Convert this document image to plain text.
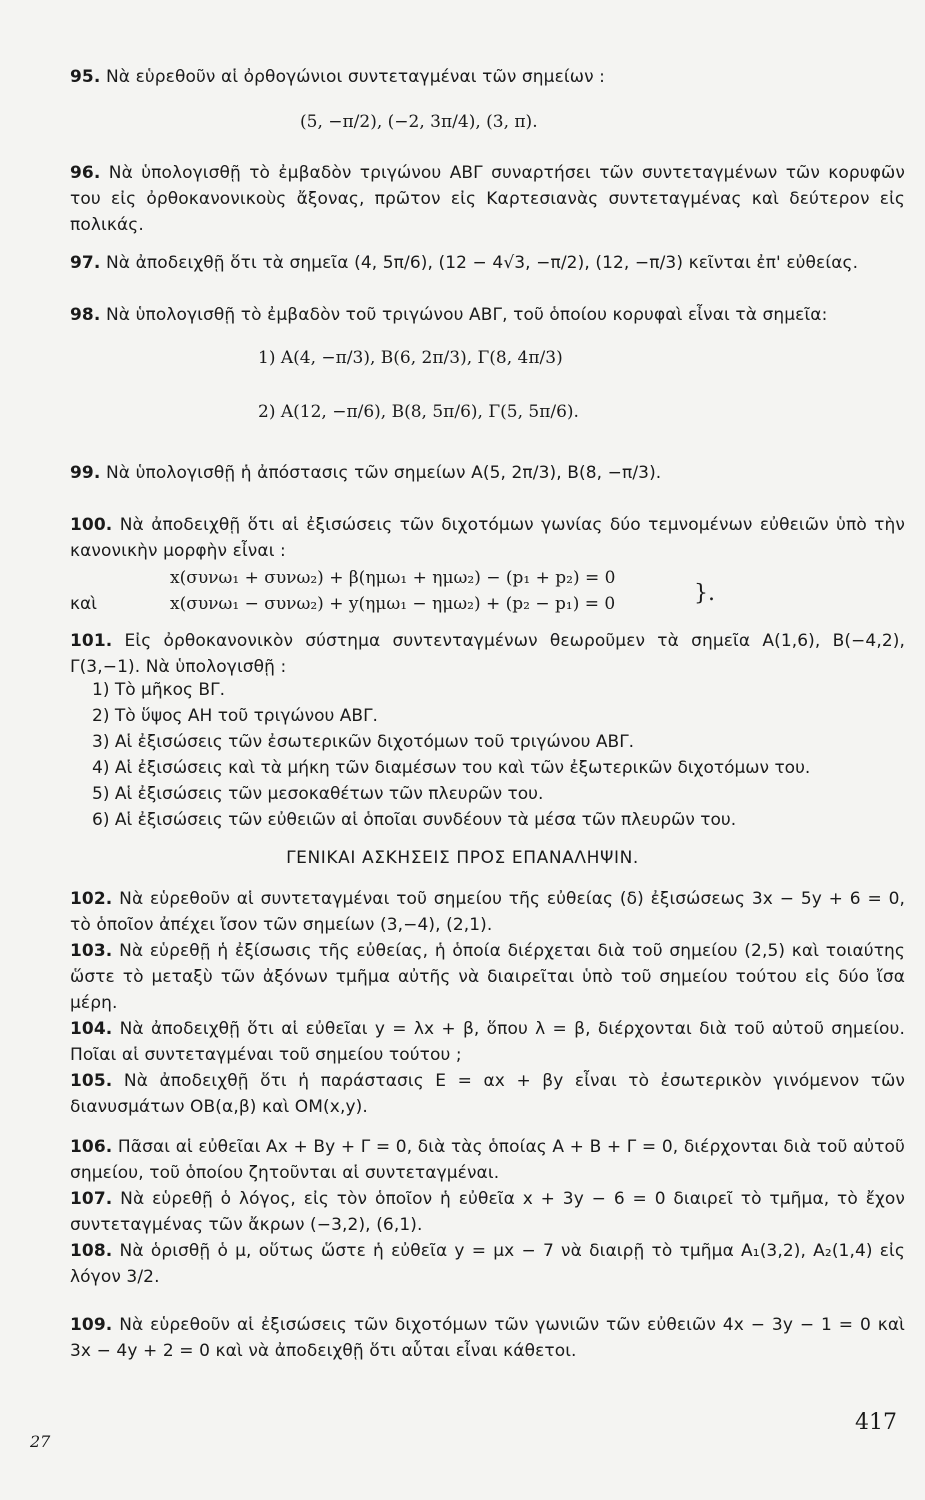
95. Νὰ εὑρεθοῦν αἱ ὀρθογώνιοι συντεταγμέναι τῶν σημείων :
(5, −π/2), (−2, 3π/4), (3, π).
96. Νὰ ὑπολογισθῇ τὸ ἐμβαδὸν τριγώνου ΑΒΓ συναρτήσει τῶν συντεταγμένων τῶν κορυφῶν του εἰς ὀρθοκανονικοὺς ἄξονας, πρῶτον εἰς Καρτεσιανὰς συντεταγμένας καὶ δεύτερον εἰς πολικάς.
97. Νὰ ἀποδειχθῇ ὅτι τὰ σημεῖα (4, 5π/6), (12 − 4√3, −π/2), (12, −π/3) κεῖνται ἐπ' εὐθείας.
98. Νὰ ὑπολογισθῇ τὸ ἐμβαδὸν τοῦ τριγώνου ΑΒΓ, τοῦ ὁποίου κορυφαὶ εἶναι τὰ σημεῖα:
1) Α(4, −π/3), Β(6, 2π/3), Γ(8, 4π/3)
2) Α(12, −π/6), Β(8, 5π/6), Γ(5, 5π/6).
99. Νὰ ὑπολογισθῇ ἡ ἀπόστασις τῶν σημείων Α(5, 2π/3), Β(8, −π/3).
100. Νὰ ἀποδειχθῇ ὅτι αἱ ἐξισώσεις τῶν διχοτόμων γωνίας δύο τεμνομένων εὐθειῶν ὑπὸ τὴν κανονικὴν μορφὴν εἶναι :
x(συνω₁ + συνω₂) + β(ημω₁ + ημω₂) − (p₁ + p₂) = 0
καὶ	x(συνω₁ − συνω₂) + y(ημω₁ − ημω₂) + (p₂ − p₁) = 0	}.
101. Εἰς ὀρθοκανονικὸν σύστημα συντενταγμένων θεωροῦμεν τὰ σημεῖα Α(1,6), Β(−4,2), Γ(3,−1). Νὰ ὑπολογισθῇ :
1) Τὸ μῆκος ΒΓ.
2) Τὸ ὕψος ΑΗ τοῦ τριγώνου ΑΒΓ.
3) Αἱ ἐξισώσεις τῶν ἐσωτερικῶν διχοτόμων τοῦ τριγώνου ΑΒΓ.
4) Αἱ ἐξισώσεις καὶ τὰ μήκη τῶν διαμέσων του καὶ τῶν ἐξωτερικῶν διχοτόμων του.
5) Αἱ ἐξισώσεις τῶν μεσοκαθέτων τῶν πλευρῶν του.
6) Αἱ ἐξισώσεις τῶν εὐθειῶν αἱ ὁποῖαι συνδέουν τὰ μέσα τῶν πλευρῶν του.
ΓΕΝΙΚΑΙ ΑΣΚΗΣΕΙΣ ΠΡΟΣ ΕΠΑΝΑΛΗΨΙΝ.
102. Νὰ εὑρεθοῦν αἱ συντεταγμέναι τοῦ σημείου τῆς εὐθείας (δ) ἐξισώσεως 3x − 5y + 6 = 0, τὸ ὁποῖον ἀπέχει ἴσον τῶν σημείων (3,−4), (2,1).
103. Νὰ εὑρεθῇ ἡ ἐξίσωσις τῆς εὐθείας, ἡ ὁποία διέρχεται διὰ τοῦ σημείου (2,5) καὶ τοιαύτης ὥστε τὸ μεταξὺ τῶν ἀξόνων τμῆμα αὐτῆς νὰ διαιρεῖται ὑπὸ τοῦ σημείου τούτου εἰς δύο ἴσα μέρη.
104. Νὰ ἀποδειχθῇ ὅτι αἱ εὐθεῖαι y = λx + β, ὅπου λ = β, διέρχονται διὰ τοῦ αὐτοῦ σημείου. Ποῖαι αἱ συντεταγμέναι τοῦ σημείου τούτου ;
105. Νὰ ἀποδειχθῇ ὅτι ἡ παράστασις Ε = αx + βy εἶναι τὸ ἐσωτερικὸν γινόμενον τῶν διανυσμάτων OB(α,β) καὶ OM(x,y).
106. Πᾶσαι αἱ εὐθεῖαι Αx + Βy + Γ = 0, διὰ τὰς ὁποίας Α + Β + Γ = 0, διέρχονται διὰ τοῦ αὐτοῦ σημείου, τοῦ ὁποίου ζητοῦνται αἱ συντεταγμέναι.
107. Νὰ εὑρεθῇ ὁ λόγος, εἰς τὸν ὁποῖον ἡ εὐθεῖα x + 3y − 6 = 0 διαιρεῖ τὸ τμῆμα, τὸ ἔχον συντεταγμένας τῶν ἄκρων (−3,2), (6,1).
108. Νὰ ὁρισθῇ ὁ μ, οὕτως ὥστε ἡ εὐθεῖα y = μx − 7 νὰ διαιρῇ τὸ τμῆμα Α₁(3,2), Α₂(1,4) εἰς λόγον 3/2.
109. Νὰ εὑρεθοῦν αἱ ἐξισώσεις τῶν διχοτόμων τῶν γωνιῶν τῶν εὐθειῶν 4x − 3y − 1 = 0 καὶ 3x − 4y + 2 = 0 καὶ νὰ ἀποδειχθῇ ὅτι αὗται εἶναι κάθετοι.
27
417
